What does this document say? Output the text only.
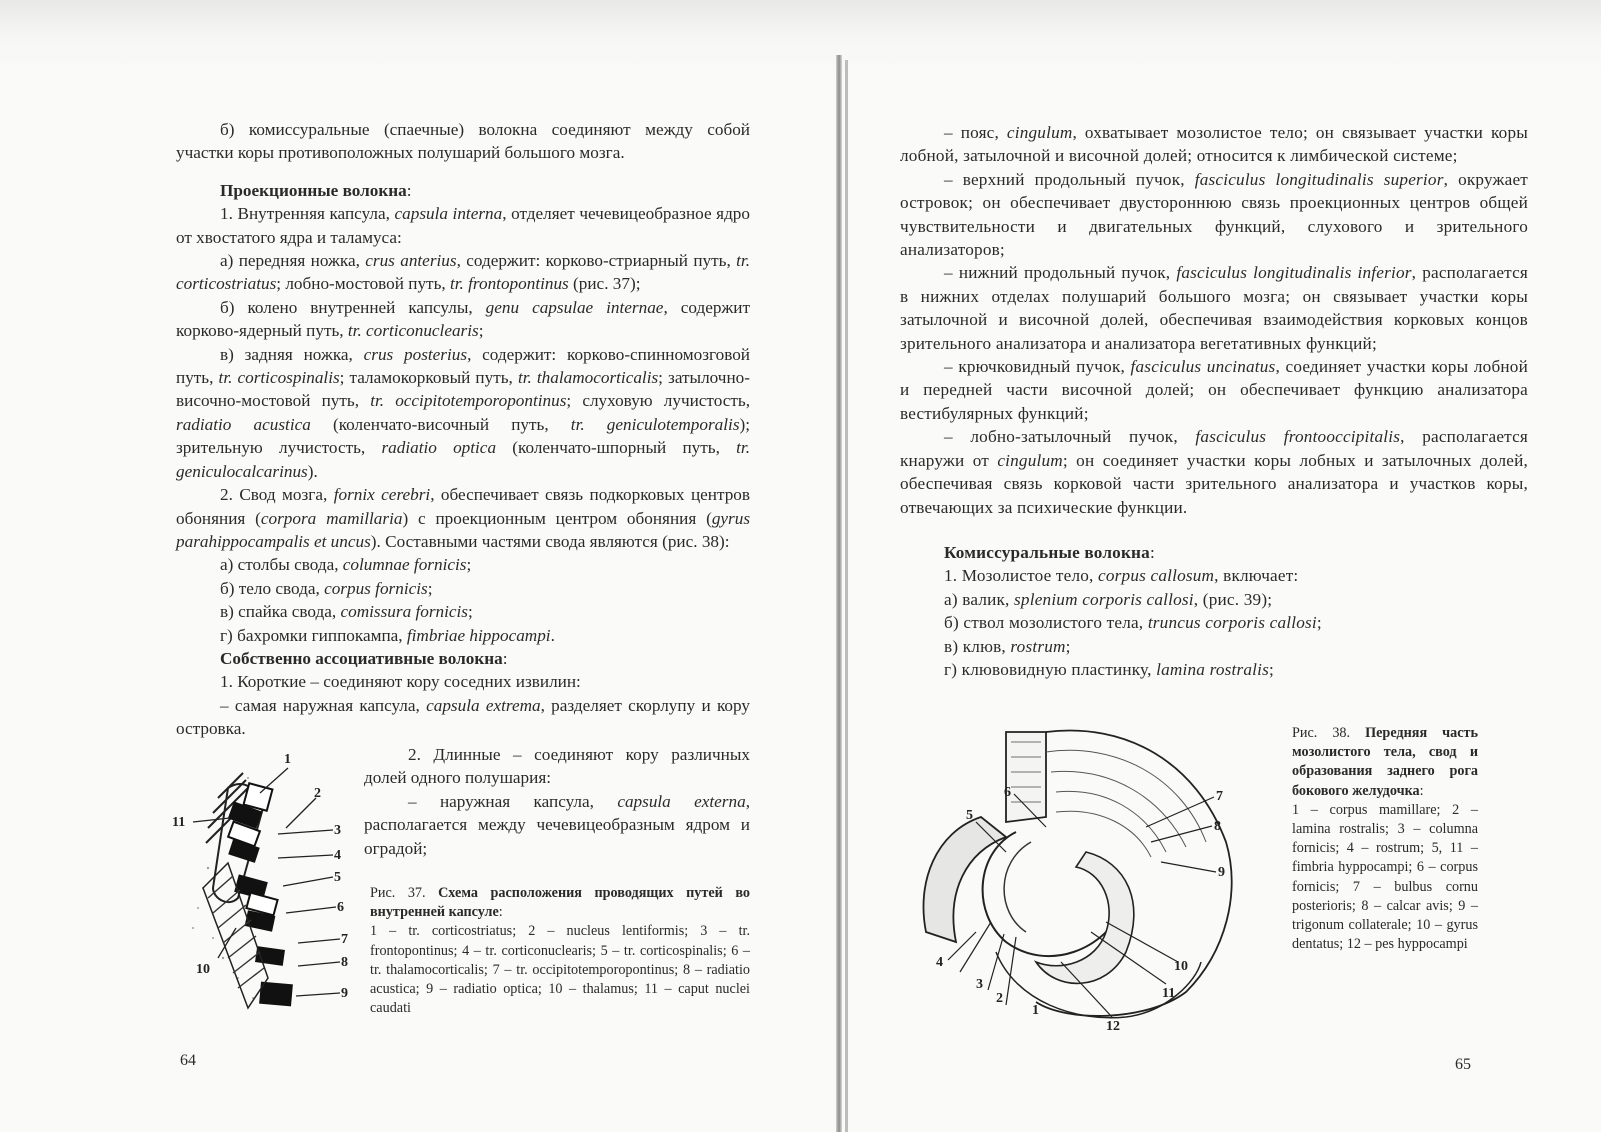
б) комиссуральные (спаечные) волокна соединяют между собой участки коры противоположных полушарий большого мозга.

Проекционные волокна:

1. Внутренняя капсула, capsula interna, отделяет чечевицеобразное ядро от хвостатого ядра и таламуса:

а) передняя ножка, crus anterius, содержит: корково-стриарный путь, tr. corticostriatus; лобно-мостовой путь, tr. frontopontinus (рис. 37);

б) колено внутренней капсулы, genu capsulae internae, содержит корково-ядерный путь, tr. corticonuclearis;

в) задняя ножка, crus posterius, содержит: корково-спинномозговой путь, tr. corticospinalis; таламокорковый путь, tr. thalamocorticalis; затылочно-височно-мостовой путь, tr. occipitotemporopontinus; слуховую лучистость, radiatio acustica (коленчато-височный путь, tr. geniculotemporalis); зрительную лучистость, radiatio optica (коленчато-шпорный путь, tr. geniculocalcarinus).

2. Свод мозга, fornix cerebri, обеспечивает связь подкорковых центров обоняния (corpora mamillaria) с проекционным центром обоняния (gyrus parahippocampalis et uncus). Составными частями свода являются (рис. 38):

а) столбы свода, columnae fornicis;

б) тело свода, corpus fornicis;

в) спайка свода, comissura fornicis;

г) бахромки гиппокампа, fimbriae hippocampi.

Собственно ассоциативные волокна:

1. Короткие – соединяют кору соседних извилин:

– самая наружная капсула, capsula extrema, разделяет скорлупу и кору островка.

2. Длинные – соединяют кору различных долей одного полушария:

– наружная капсула, capsula externa, располагается между чечевицеобразным ядром и оградой;

Рис. 37. Схема расположения проводящих путей во внутренней капсуле:
1 – tr. corticostriatus; 2 – nucleus lentiformis; 3 – tr. frontopontinus; 4 – tr. corticonuclearis; 5 – tr. corticospinalis; 6 – tr. thalamocorticalis; 7 – tr. occipitotemporopontinus; 8 – radiatio acustica; 9 – radiatio optica; 10 – thalamus; 11 – caput nuclei caudati
1
2
3
4
5
6
7
8
9
10
11
64

– пояс, cingulum, охватывает мозолистое тело; он связывает участки коры лобной, затылочной и височной долей; относится к лимбической системе;

– верхний продольный пучок, fasciculus longitudinalis superior, окружает островок; он обеспечивает двустороннюю связь проекционных центров общей чувствительности и двигательных функций, слухового и зрительного анализаторов;

– нижний продольный пучок, fasciculus longitudinalis inferior, располагается в нижних отделах полушарий большого мозга; он связывает участки коры затылочной и височной долей, обеспечивая взаимодействия корковых концов зрительного анализатора и анализатора вегетативных функций;

– крючковидный пучок, fasciculus uncinatus, соединяет участки коры лобной и передней части височной долей; он обеспечивает функцию анализатора вестибулярных функций;

– лобно-затылочный пучок, fasciculus frontooccipitalis, располагается кнаружи от cingulum; он соединяет участки коры лобных и затылочных долей, обеспечивая связь корковой части зрительного анализатора и участков коры, отвечающих за психические функции.

Комиссуральные волокна:

1. Мозолистое тело, corpus callosum, включает:

а) валик, splenium corporis callosi, (рис. 39);

б) ствол мозолистого тела, truncus corporis callosi;

в) клюв, rostrum;

г) клювовидную пластинку, lamina rostralis;

Рис. 38. Передняя часть мозолистого тела, свод и образования заднего рога бокового желудочка:
1 – corpus mamillare; 2 – lamina rostralis; 3 – columna fornicis; 4 – rostrum; 5, 11 – fimbria hyppocampi; 6 – corpus fornicis; 7 – bulbus cornu posterioris; 8 – calcar avis; 9 – trigonum collaterale; 10 – gyrus dentatus; 12 – pes hyppocampi
6
5
7
8
9
4
3
2
1
10
11
12
65
